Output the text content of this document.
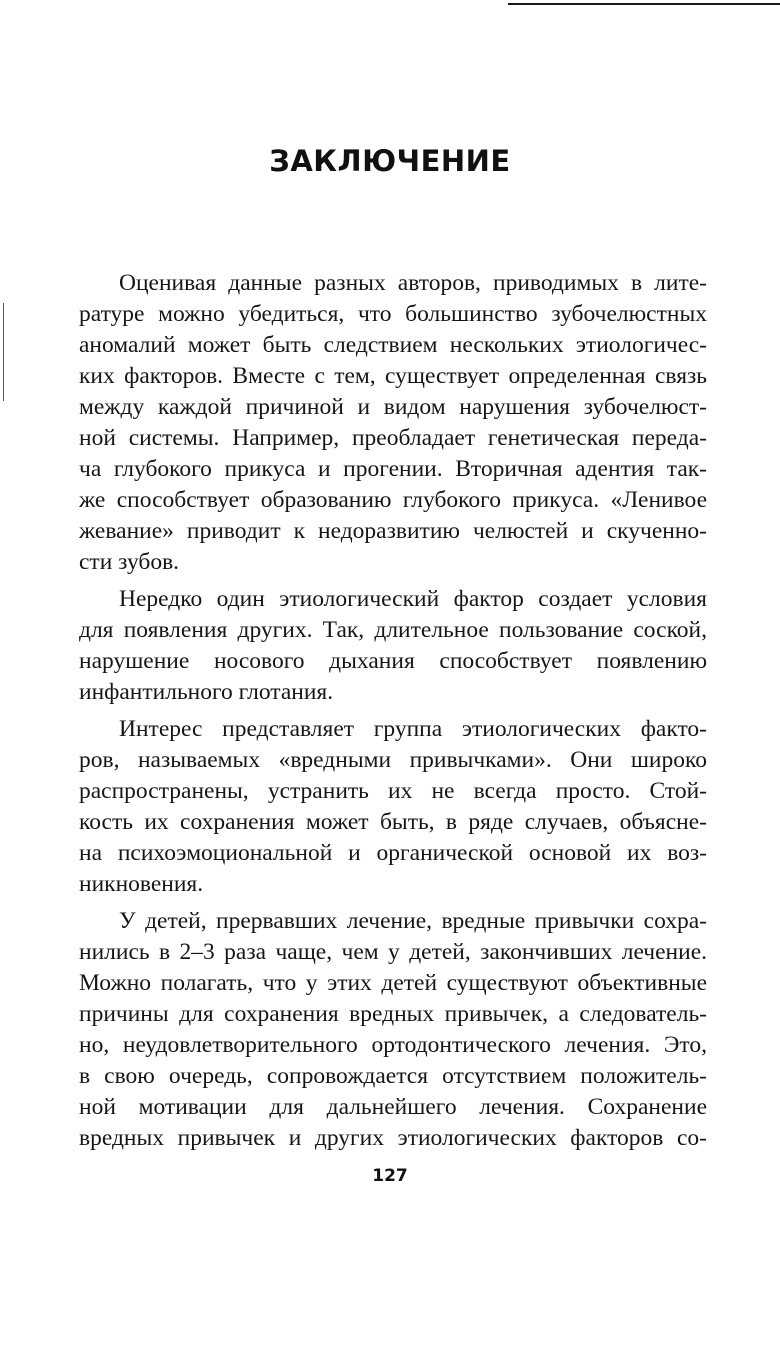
ЗАКЛЮЧЕНИЕ

Оценивая данные разных авторов, приводимых в лите-
ратуре можно убедиться, что большинство зубочелюстных
аномалий может быть следствием нескольких этиологичес-
ких факторов. Вместе с тем, существует определенная связь
между каждой причиной и видом нарушения зубочелюст-
ной системы. Например, преобладает генетическая переда-
ча глубокого прикуса и прогении. Вторичная адентия так-
же способствует образованию глубокого прикуса. «Ленивое
жевание» приводит к недоразвитию челюстей и скученно-
сти зубов.

Нередко один этиологический фактор создает условия
для появления других. Так, длительное пользование соской,
нарушение носового дыхания способствует появлению
инфантильного глотания.

Интерес представляет группа этиологических факто-
ров, называемых «вредными привычками». Они широко
распространены, устранить их не всегда просто. Стой-
кость их сохранения может быть, в ряде случаев, объясне-
на психоэмоциональной и органической основой их воз-
никновения.

У детей, прервавших лечение, вредные привычки сохра-
нились в 2–3 раза чаще, чем у детей, закончивших лечение.
Можно полагать, что у этих детей существуют объективные
причины для сохранения вредных привычек, а следователь-
но, неудовлетворительного ортодонтического лечения. Это,
в свою очередь, сопровождается отсутствием положитель-
ной мотивации для дальнейшего лечения. Сохранение
вредных привычек и других этиологических факторов со-

127
